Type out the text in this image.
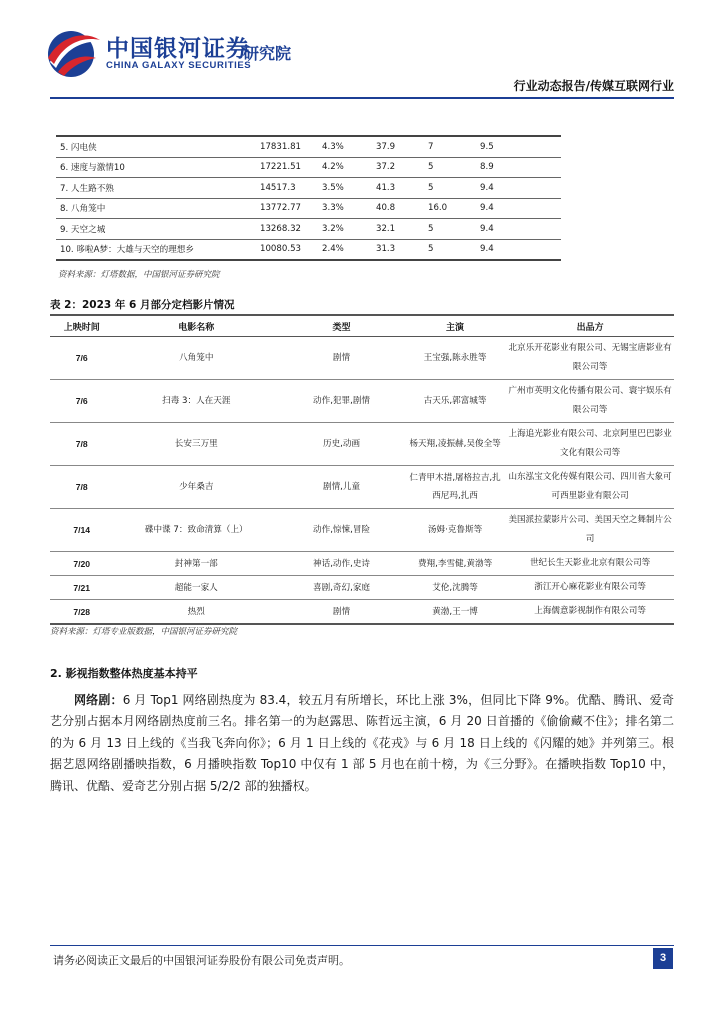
中国银河证券
CHINA GALAXY SECURITIES
研究院
行业动态报告/传媒互联网行业
5. 闪电侠	17831.81	4.3%	37.9	7	9.5
6. 速度与激情10	17221.51	4.2%	37.2	5	8.9
7. 人生路不熟	14517.3	3.5%	41.3	5	9.4
8. 八角笼中	13772.77	3.3%	40.8	16.0	9.4
9. 天空之城	13268.32	3.2%	32.1	5	9.4
10. 哆啦A梦：大雄与天空的理想乡	10080.53	2.4%	31.3	5	9.4
资料来源：灯塔数据，中国银河证券研究院
表 2：2023 年 6 月部分定档影片情况
上映时间	电影名称	类型	主演	出品方
7/6	八角笼中	剧情	王宝强,陈永胜等	北京乐开花影业有限公司、无锡宝唐影业有限公司等
7/6	扫毒 3：人在天涯	动作,犯罪,剧情	古天乐,郭富城等	广州市英明文化传播有限公司、寰宇娱乐有限公司等
7/8	长安三万里	历史,动画	杨天翔,凌振赫,吴俊全等	上海追光影业有限公司、北京阿里巴巴影业文化有限公司等
7/8	少年桑吉	剧情,儿童	仁青甲木措,屠格拉吉,扎西尼玛,扎西	山东泓宝文化传媒有限公司、四川省大象可可西里影业有限公司
7/14	碟中谍 7：致命清算（上）	动作,惊悚,冒险	汤姆·克鲁斯等	美国派拉蒙影片公司、美国天空之舞制片公司
7/20	封神第一部	神话,动作,史诗	费翔,李雪健,黄渤等	世纪长生天影业北京有限公司等
7/21	超能一家人	喜剧,奇幻,家庭	艾伦,沈腾等	浙江开心麻花影业有限公司等
7/28	热烈	剧情	黄渤,王一博	上海儒意影视制作有限公司等
资料来源：灯塔专业版数据，中国银河证券研究院
2. 影视指数整体热度基本持平
网络剧：6 月 Top1 网络剧热度为 83.4，较五月有所增长，环比上涨 3%，但同比下降 9%。优酷、腾讯、爱奇艺分别占据本月网络剧热度前三名。排名第一的为赵露思、陈哲远主演，6 月 20 日首播的《偷偷藏不住》；排名第二的为 6 月 13 日上线的《当我飞奔向你》；6 月 1 日上线的《花戎》与 6 月 18 日上线的《闪耀的她》并列第三。根据艺恩网络剧播映指数，6 月播映指数 Top10 中仅有 1 部 5 月也在前十榜，为《三分野》。在播映指数 Top10 中，腾讯、优酷、爱奇艺分别占据 5/2/2 部的独播权。
请务必阅读正文最后的中国银河证券股份有限公司免责声明。	3
